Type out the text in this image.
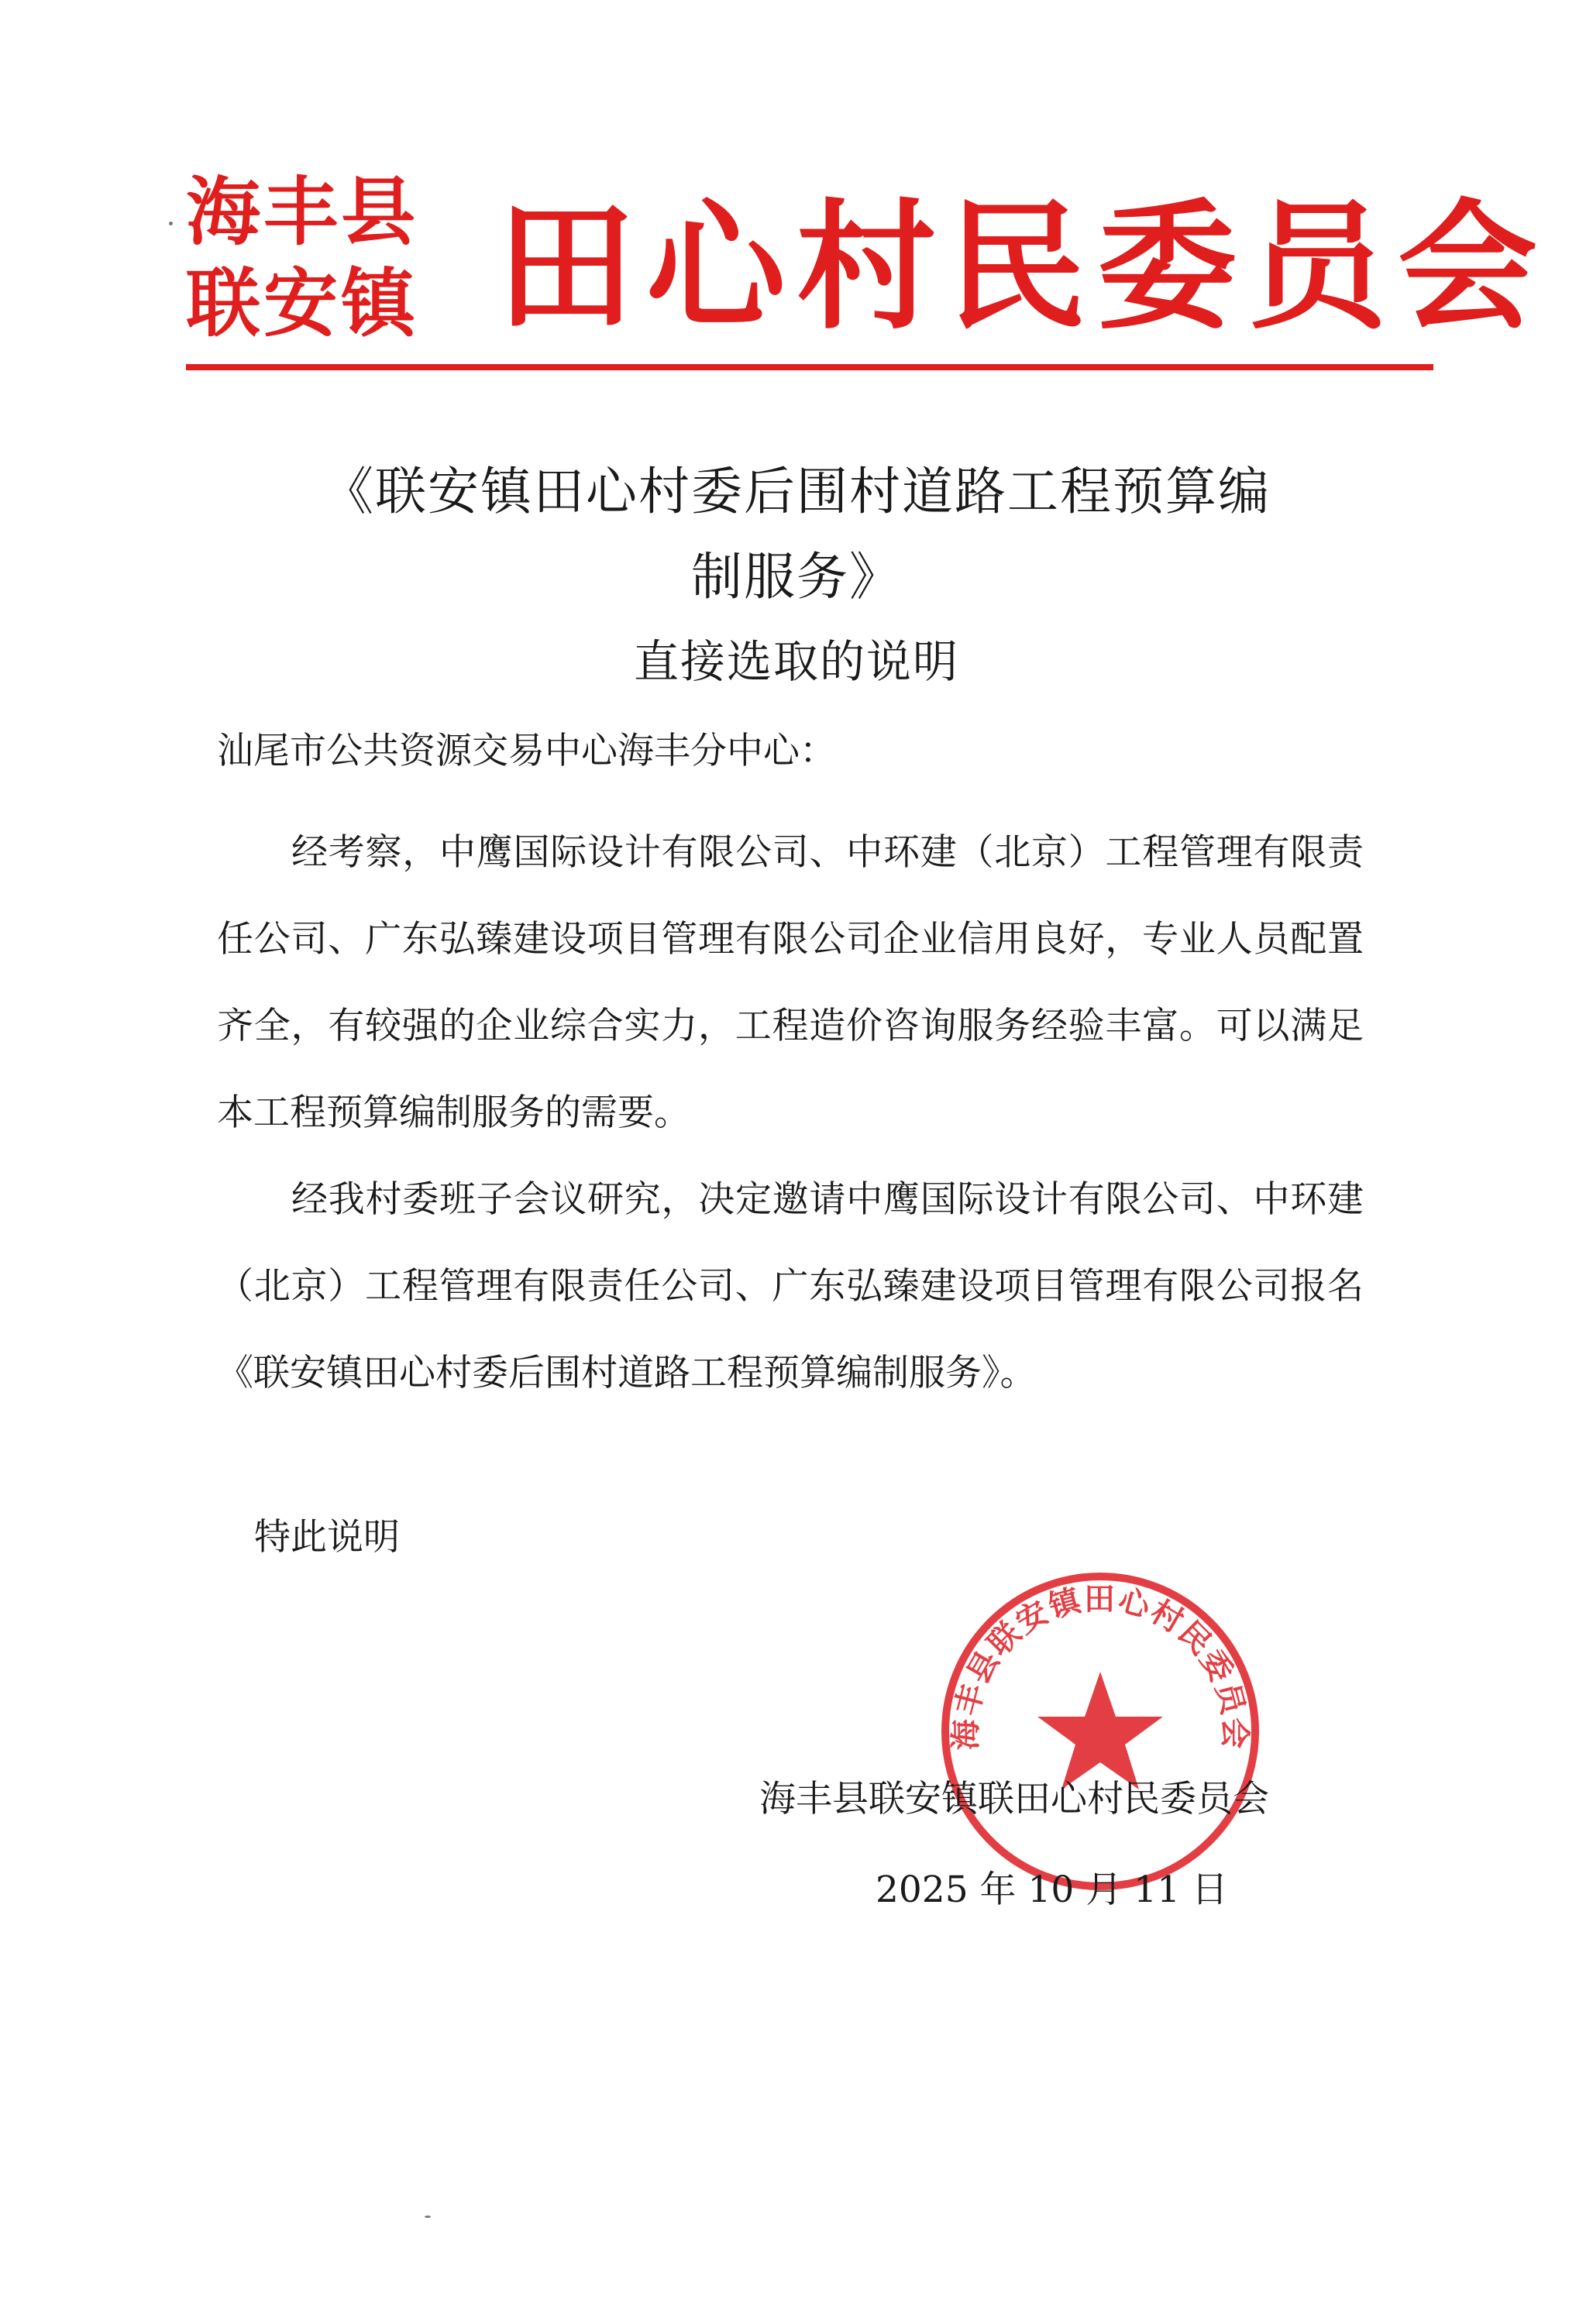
海丰县
联安镇 田心村民委员会
《联安镇田心村委后围村道路工程预算编
制服务》
直接选取的说明
汕尾市公共资源交易中心海丰分中心：

经考察，中鹰国际设计有限公司、中环建（北京）工程管理有限责任公司、广东弘臻建设项目管理有限公司企业信用良好，专业人员配置齐全，有较强的企业综合实力，工程造价咨询服务经验丰富。可以满足本工程预算编制服务的需要。

经我村委班子会议研究，决定邀请中鹰国际设计有限公司、中环建（北京）工程管理有限责任公司、广东弘臻建设项目管理有限公司报名《联安镇田心村委后围村道路工程预算编制服务》。

特此说明
海丰县联安镇田心村民委员会
海丰县联安镇联田心村民委员会
2025 年 10 月 11 日
